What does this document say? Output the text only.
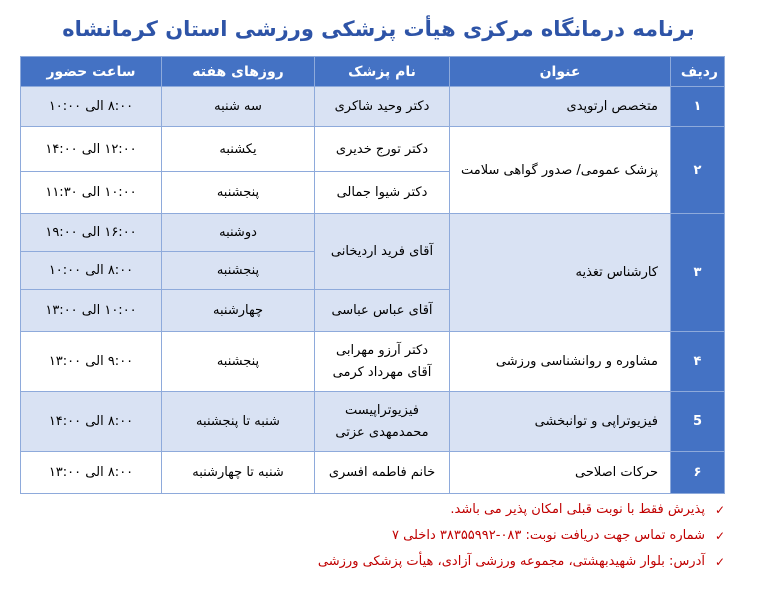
برنامه درمانگاه مرکزی هیأت پزشکی ورزشی استان کرمانشاه
ردیف	عنوان	نام پزشک	روزهای هفته	ساعت حضور
۱	متخصص ارتوپدی	دکتر وحید شاکری	سه شنبه	۸:۰۰ الی ۱۰:۰۰
۲	پزشک عمومی/ صدور گواهی سلامت	دکتر تورج خدیری	یکشنبه	۱۲:۰۰ الی ۱۴:۰۰
		دکتر شیوا جمالی	پنجشنبه	۱۰:۰۰ الی ۱۱:۳۰
۳	کارشناس تغذیه	آقای فرید اردیخانی	دوشنبه	۱۶:۰۰ الی ۱۹:۰۰
			پنجشنبه	۸:۰۰ الی ۱۰:۰۰
		آقای عباس عباسی	چهارشنبه	۱۰:۰۰ الی ۱۳:۰۰
۴	مشاوره و روانشناسی ورزشی	دکتر آرزو مهرابی
آقای مهرداد کرمی	پنجشنبه	۹:۰۰ الی ۱۳:۰۰
5	فیزیوتراپی و توانبخشی	فیزیوتراپیست
محمدمهدی عزتی	شنبه تا پنجشنبه	۸:۰۰ الی ۱۴:۰۰
۶	حرکات اصلاحی	خانم فاطمه افسری	شنبه تا چهارشنبه	۸:۰۰ الی ۱۳:۰۰
✓
پذیرش فقط با نوبت قبلی امکان پذیر می باشد.
✓
شماره تماس جهت دریافت نوبت: ۰۸۳-۳۸۳۵۵۹۹۲ داخلی ۷
✓
آدرس: بلوار شهیدبهشتی، مجموعه ورزشی آزادی، هیأت پزشکی ورزشی
